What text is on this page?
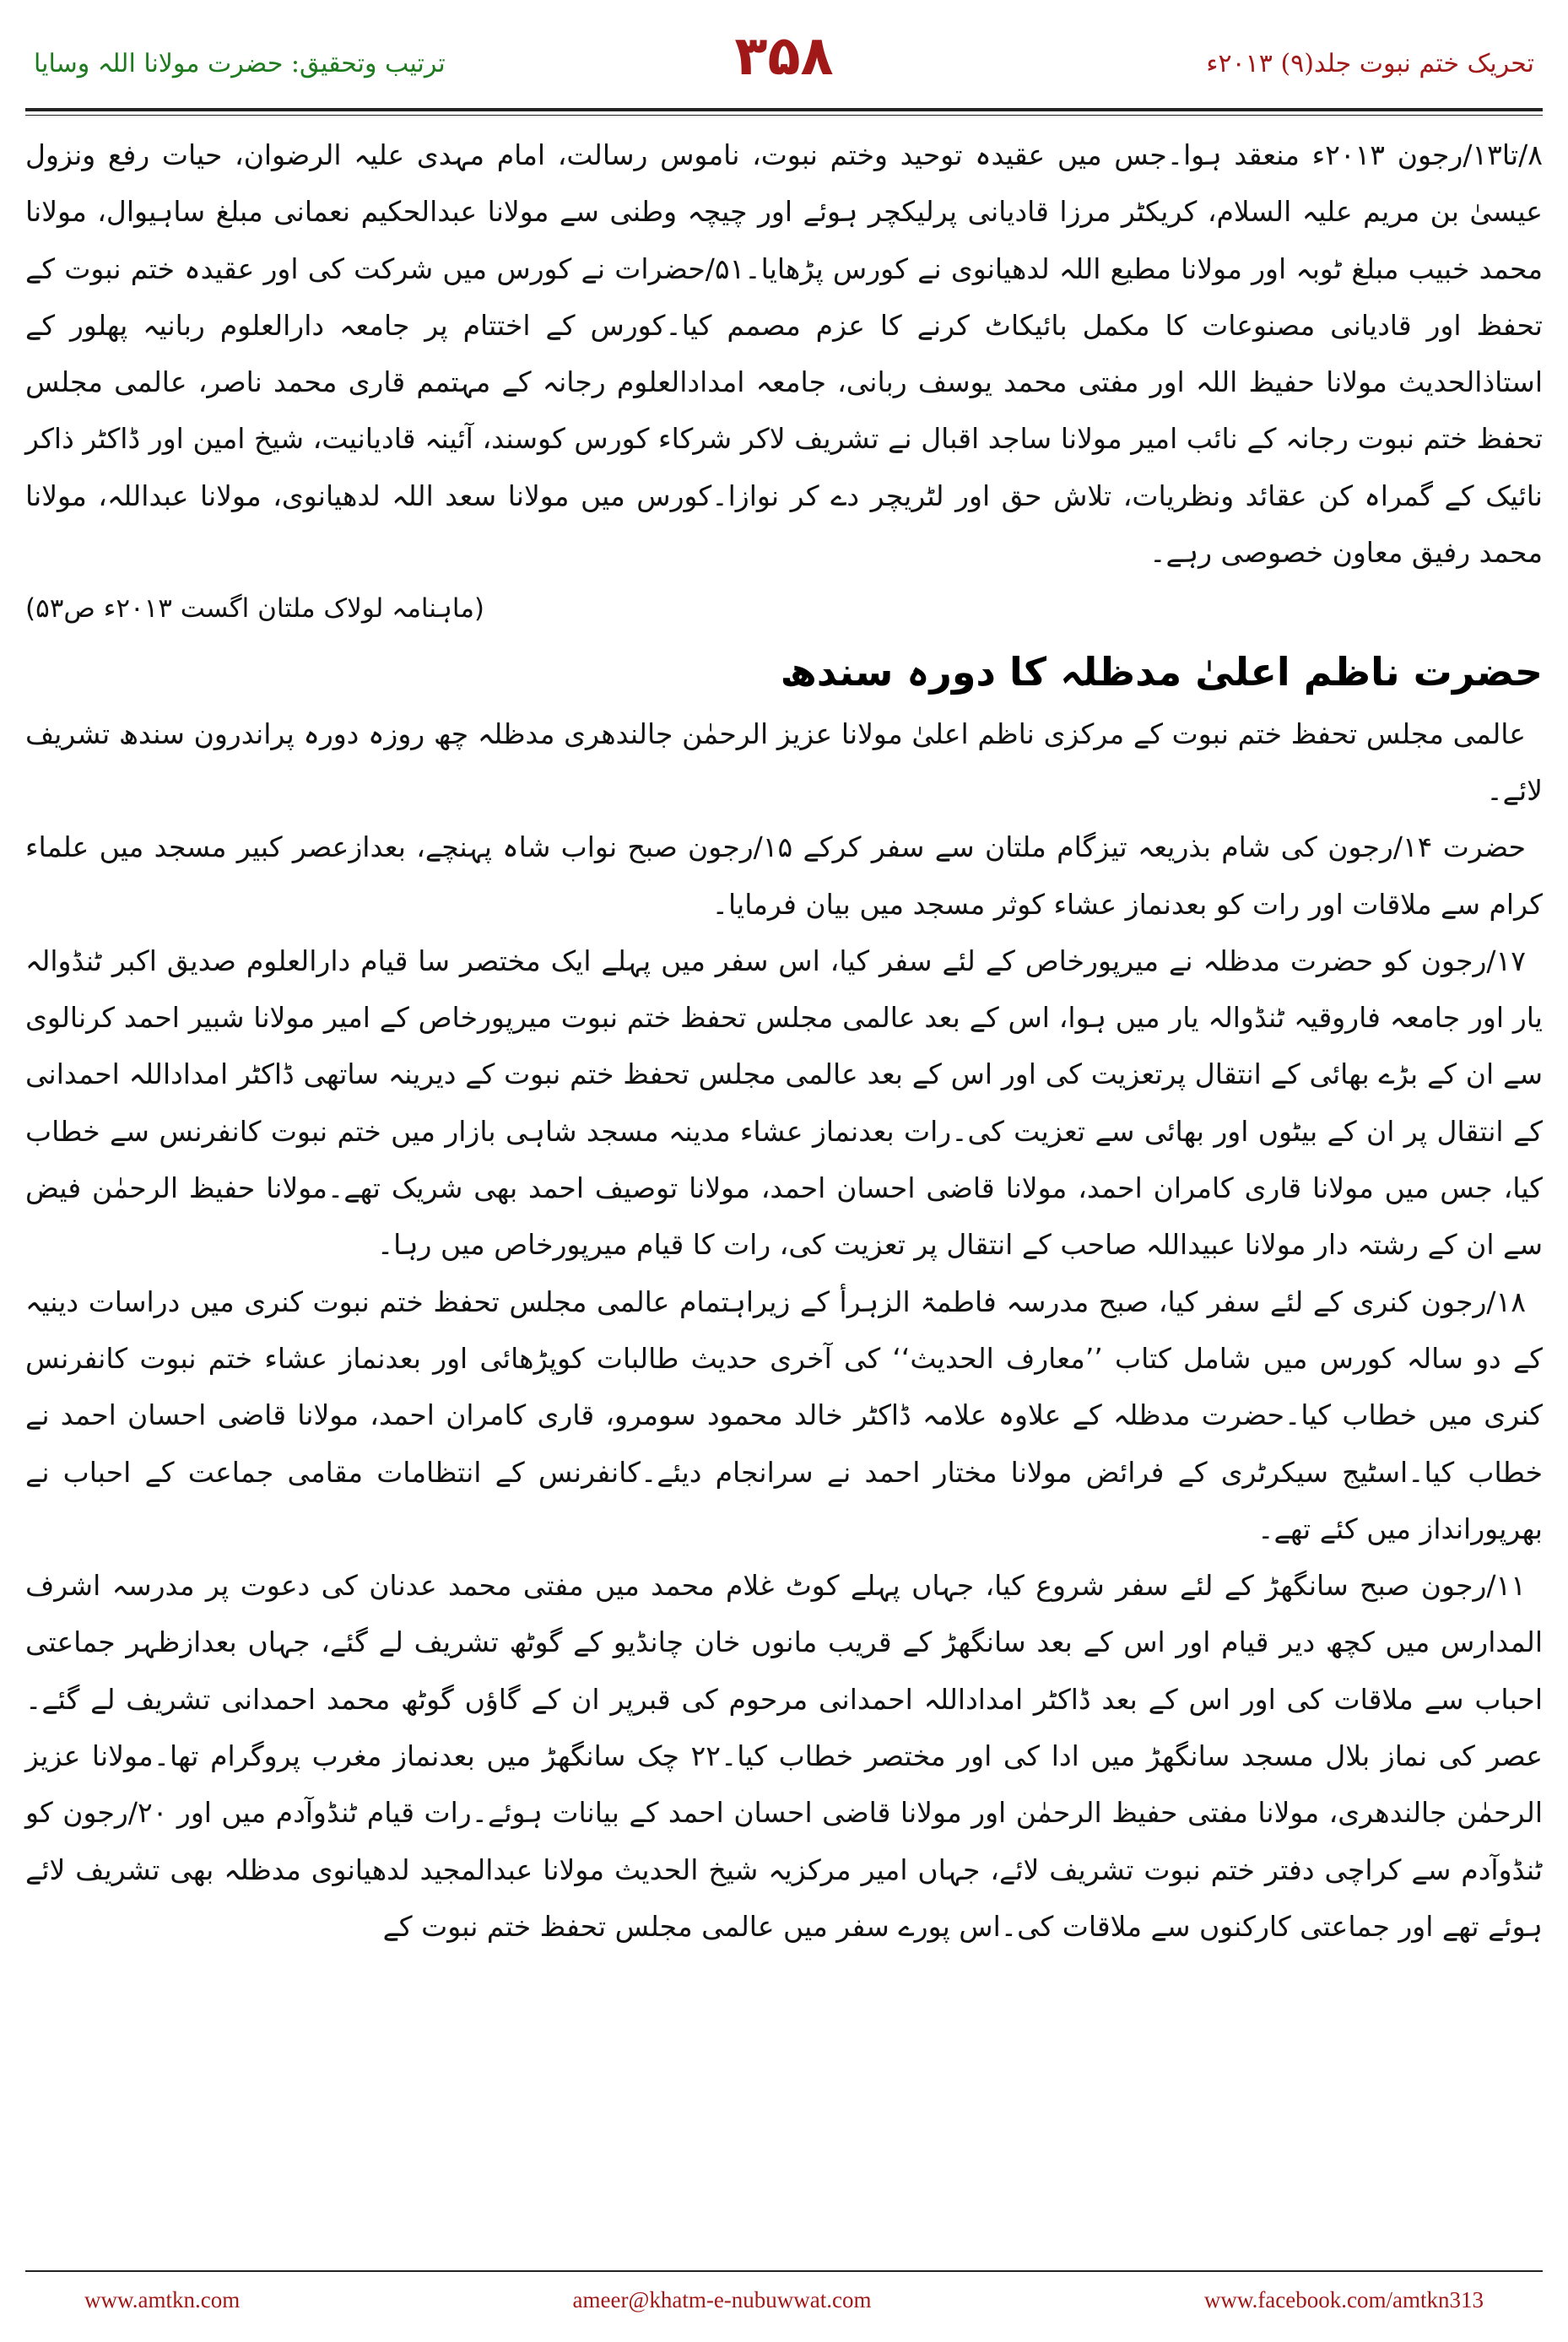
ترتیب وتحقیق: حضرت مولانا اللہ وسایا	۳۵۸	تحریک ختم نبوت جلد(۹) ۲۰۱۳ء

۸/تا۱۳/رجون ۲۰۱۳ء منعقد ہوا۔جس میں عقیدہ توحید وختم نبوت، ناموس رسالت، امام مہدی علیہ الرضوان، حیات رفع ونزول عیسیٰ بن مریم علیہ السلام، کریکٹر مرزا قادیانی پرلیکچر ہوئے اور چیچہ وطنی سے مولانا عبدالحکیم نعمانی مبلغ ساہیوال، مولانا محمد خبیب مبلغ ٹوبہ اور مولانا مطیع اللہ لدھیانوی نے کورس پڑھایا۔۵۱/حضرات نے کورس میں شرکت کی اور عقیدہ ختم نبوت کے تحفظ اور قادیانی مصنوعات کا مکمل بائیکاٹ کرنے کا عزم مصمم کیا۔کورس کے اختتام پر جامعہ دارالعلوم ربانیہ پھلور کے استاذالحدیث مولانا حفیظ اللہ اور مفتی محمد یوسف ربانی، جامعہ امدادالعلوم رجانہ کے مہتمم قاری محمد ناصر، عالمی مجلس تحفظ ختم نبوت رجانہ کے نائب امیر مولانا ساجد اقبال نے تشریف لاکر شرکاء کورس کوسند، آئینہ قادیانیت، شیخ امین اور ڈاکٹر ذاکر نائیک کے گمراہ کن عقائد ونظریات، تلاش حق اور لٹریچر دے کر نوازا۔کورس میں مولانا سعد اللہ لدھیانوی، مولانا عبداللہ، مولانا محمد رفیق معاون خصوصی رہے۔

(ماہنامہ لولاک ملتان اگست ۲۰۱۳ء ص۵۳)
حضرت ناظم اعلیٰ مدظلہ کا دورہ سندھ

عالمی مجلس تحفظ ختم نبوت کے مرکزی ناظم اعلیٰ مولانا عزیز الرحمٰن جالندھری مدظلہ چھ روزہ دورہ پراندرون سندھ تشریف لائے۔

حضرت ۱۴/رجون کی شام بذریعہ تیزگام ملتان سے سفر کرکے ۱۵/رجون صبح نواب شاہ پہنچے، بعدازعصر کبیر مسجد میں علماء کرام سے ملاقات اور رات کو بعدنماز عشاء کوثر مسجد میں بیان فرمایا۔

۱۷/رجون کو حضرت مدظلہ نے میرپورخاص کے لئے سفر کیا، اس سفر میں پہلے ایک مختصر سا قیام دارالعلوم صدیق اکبر ٹنڈوالہ یار اور جامعہ فاروقیہ ٹنڈوالہ یار میں ہوا، اس کے بعد عالمی مجلس تحفظ ختم نبوت میرپورخاص کے امیر مولانا شبیر احمد کرنالوی سے ان کے بڑے بھائی کے انتقال پرتعزیت کی اور اس کے بعد عالمی مجلس تحفظ ختم نبوت کے دیرینہ ساتھی ڈاکٹر امداداللہ احمدانی کے انتقال پر ان کے بیٹوں اور بھائی سے تعزیت کی۔رات بعدنماز عشاء مدینہ مسجد شاہی بازار میں ختم نبوت کانفرنس سے خطاب کیا، جس میں مولانا قاری کامران احمد، مولانا قاضی احسان احمد، مولانا توصیف احمد بھی شریک تھے۔مولانا حفیظ الرحمٰن فیض سے ان کے رشتہ دار مولانا عبیداللہ صاحب کے انتقال پر تعزیت کی، رات کا قیام میرپورخاص میں رہا۔

۱۸/رجون کنری کے لئے سفر کیا، صبح مدرسہ فاطمۃ الزہرأ کے زیراہتمام عالمی مجلس تحفظ ختم نبوت کنری میں دراسات دینیہ کے دو سالہ کورس میں شامل کتاب ’’معارف الحدیث‘‘ کی آخری حدیث طالبات کوپڑھائی اور بعدنماز عشاء ختم نبوت کانفرنس کنری میں خطاب کیا۔حضرت مدظلہ کے علاوہ علامہ ڈاکٹر خالد محمود سومرو، قاری کامران احمد، مولانا قاضی احسان احمد نے خطاب کیا۔اسٹیج سیکرٹری کے فرائض مولانا مختار احمد نے سرانجام دیئے۔کانفرنس کے انتظامات مقامی جماعت کے احباب نے بھرپورانداز میں کئے تھے۔

۱۱/رجون صبح سانگھڑ کے لئے سفر شروع کیا، جہاں پہلے کوٹ غلام محمد میں مفتی محمد عدنان کی دعوت پر مدرسہ اشرف المدارس میں کچھ دیر قیام اور اس کے بعد سانگھڑ کے قریب مانوں خان چانڈیو کے گوٹھ تشریف لے گئے، جہاں بعدازظہر جماعتی احباب سے ملاقات کی اور اس کے بعد ڈاکٹر امداداللہ احمدانی مرحوم کی قبرپر ان کے گاؤں گوٹھ محمد احمدانی تشریف لے گئے۔عصر کی نماز بلال مسجد سانگھڑ میں ادا کی اور مختصر خطاب کیا۔۲۲ چک سانگھڑ میں بعدنماز مغرب پروگرام تھا۔مولانا عزیز الرحمٰن جالندھری، مولانا مفتی حفیظ الرحمٰن اور مولانا قاضی احسان احمد کے بیانات ہوئے۔رات قیام ٹنڈوآدم میں اور ۲۰/رجون کو ٹنڈوآدم سے کراچی دفتر ختم نبوت تشریف لائے، جہاں امیر مرکزیہ شیخ الحدیث مولانا عبدالمجید لدھیانوی مدظلہ بھی تشریف لائے ہوئے تھے اور جماعتی کارکنوں سے ملاقات کی۔اس پورے سفر میں عالمی مجلس تحفظ ختم نبوت کے

www.amtkn.com	ameer@khatm-e-nubuwwat.com	www.facebook.com/amtkn313
